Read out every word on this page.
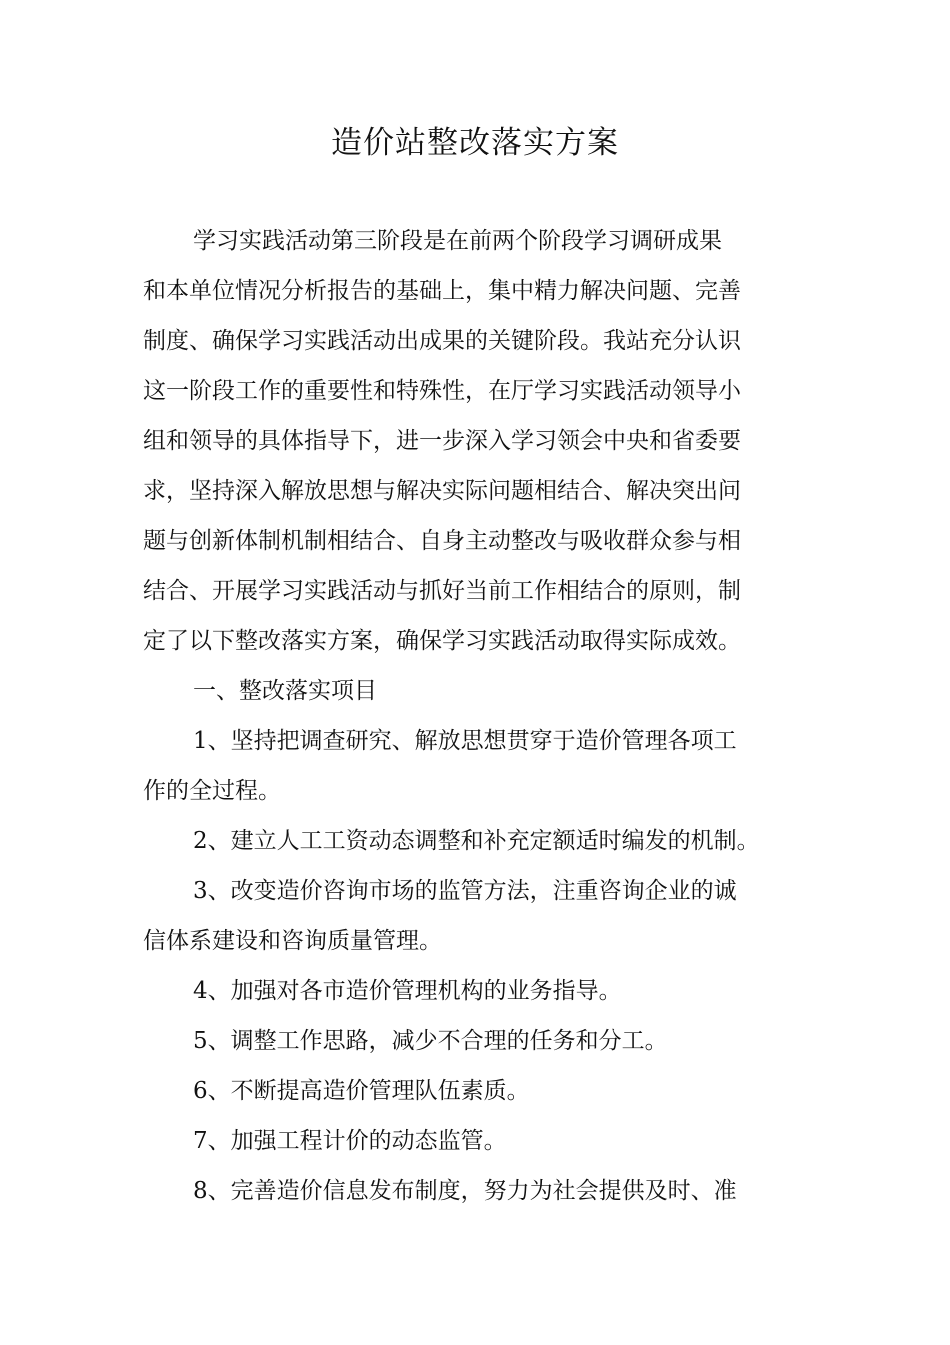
造价站整改落实方案
学习实践活动第三阶段是在前两个阶段学习调研成果
和本单位情况分析报告的基础上，集中精力解决问题、完善
制度、确保学习实践活动出成果的关键阶段。我站充分认识
这一阶段工作的重要性和特殊性，在厅学习实践活动领导小
组和领导的具体指导下，进一步深入学习领会中央和省委要
求，坚持深入解放思想与解决实际问题相结合、解决突出问
题与创新体制机制相结合、自身主动整改与吸收群众参与相
结合、开展学习实践活动与抓好当前工作相结合的原则，制
定了以下整改落实方案，确保学习实践活动取得实际成效。
一、整改落实项目
1、坚持把调查研究、解放思想贯穿于造价管理各项工
作的全过程。
2、建立人工工资动态调整和补充定额适时编发的机制。
3、改变造价咨询市场的监管方法，注重咨询企业的诚
信体系建设和咨询质量管理。
4、加强对各市造价管理机构的业务指导。
5、调整工作思路，减少不合理的任务和分工。
6、不断提高造价管理队伍素质。
7、加强工程计价的动态监管。
8、完善造价信息发布制度，努力为社会提供及时、准
